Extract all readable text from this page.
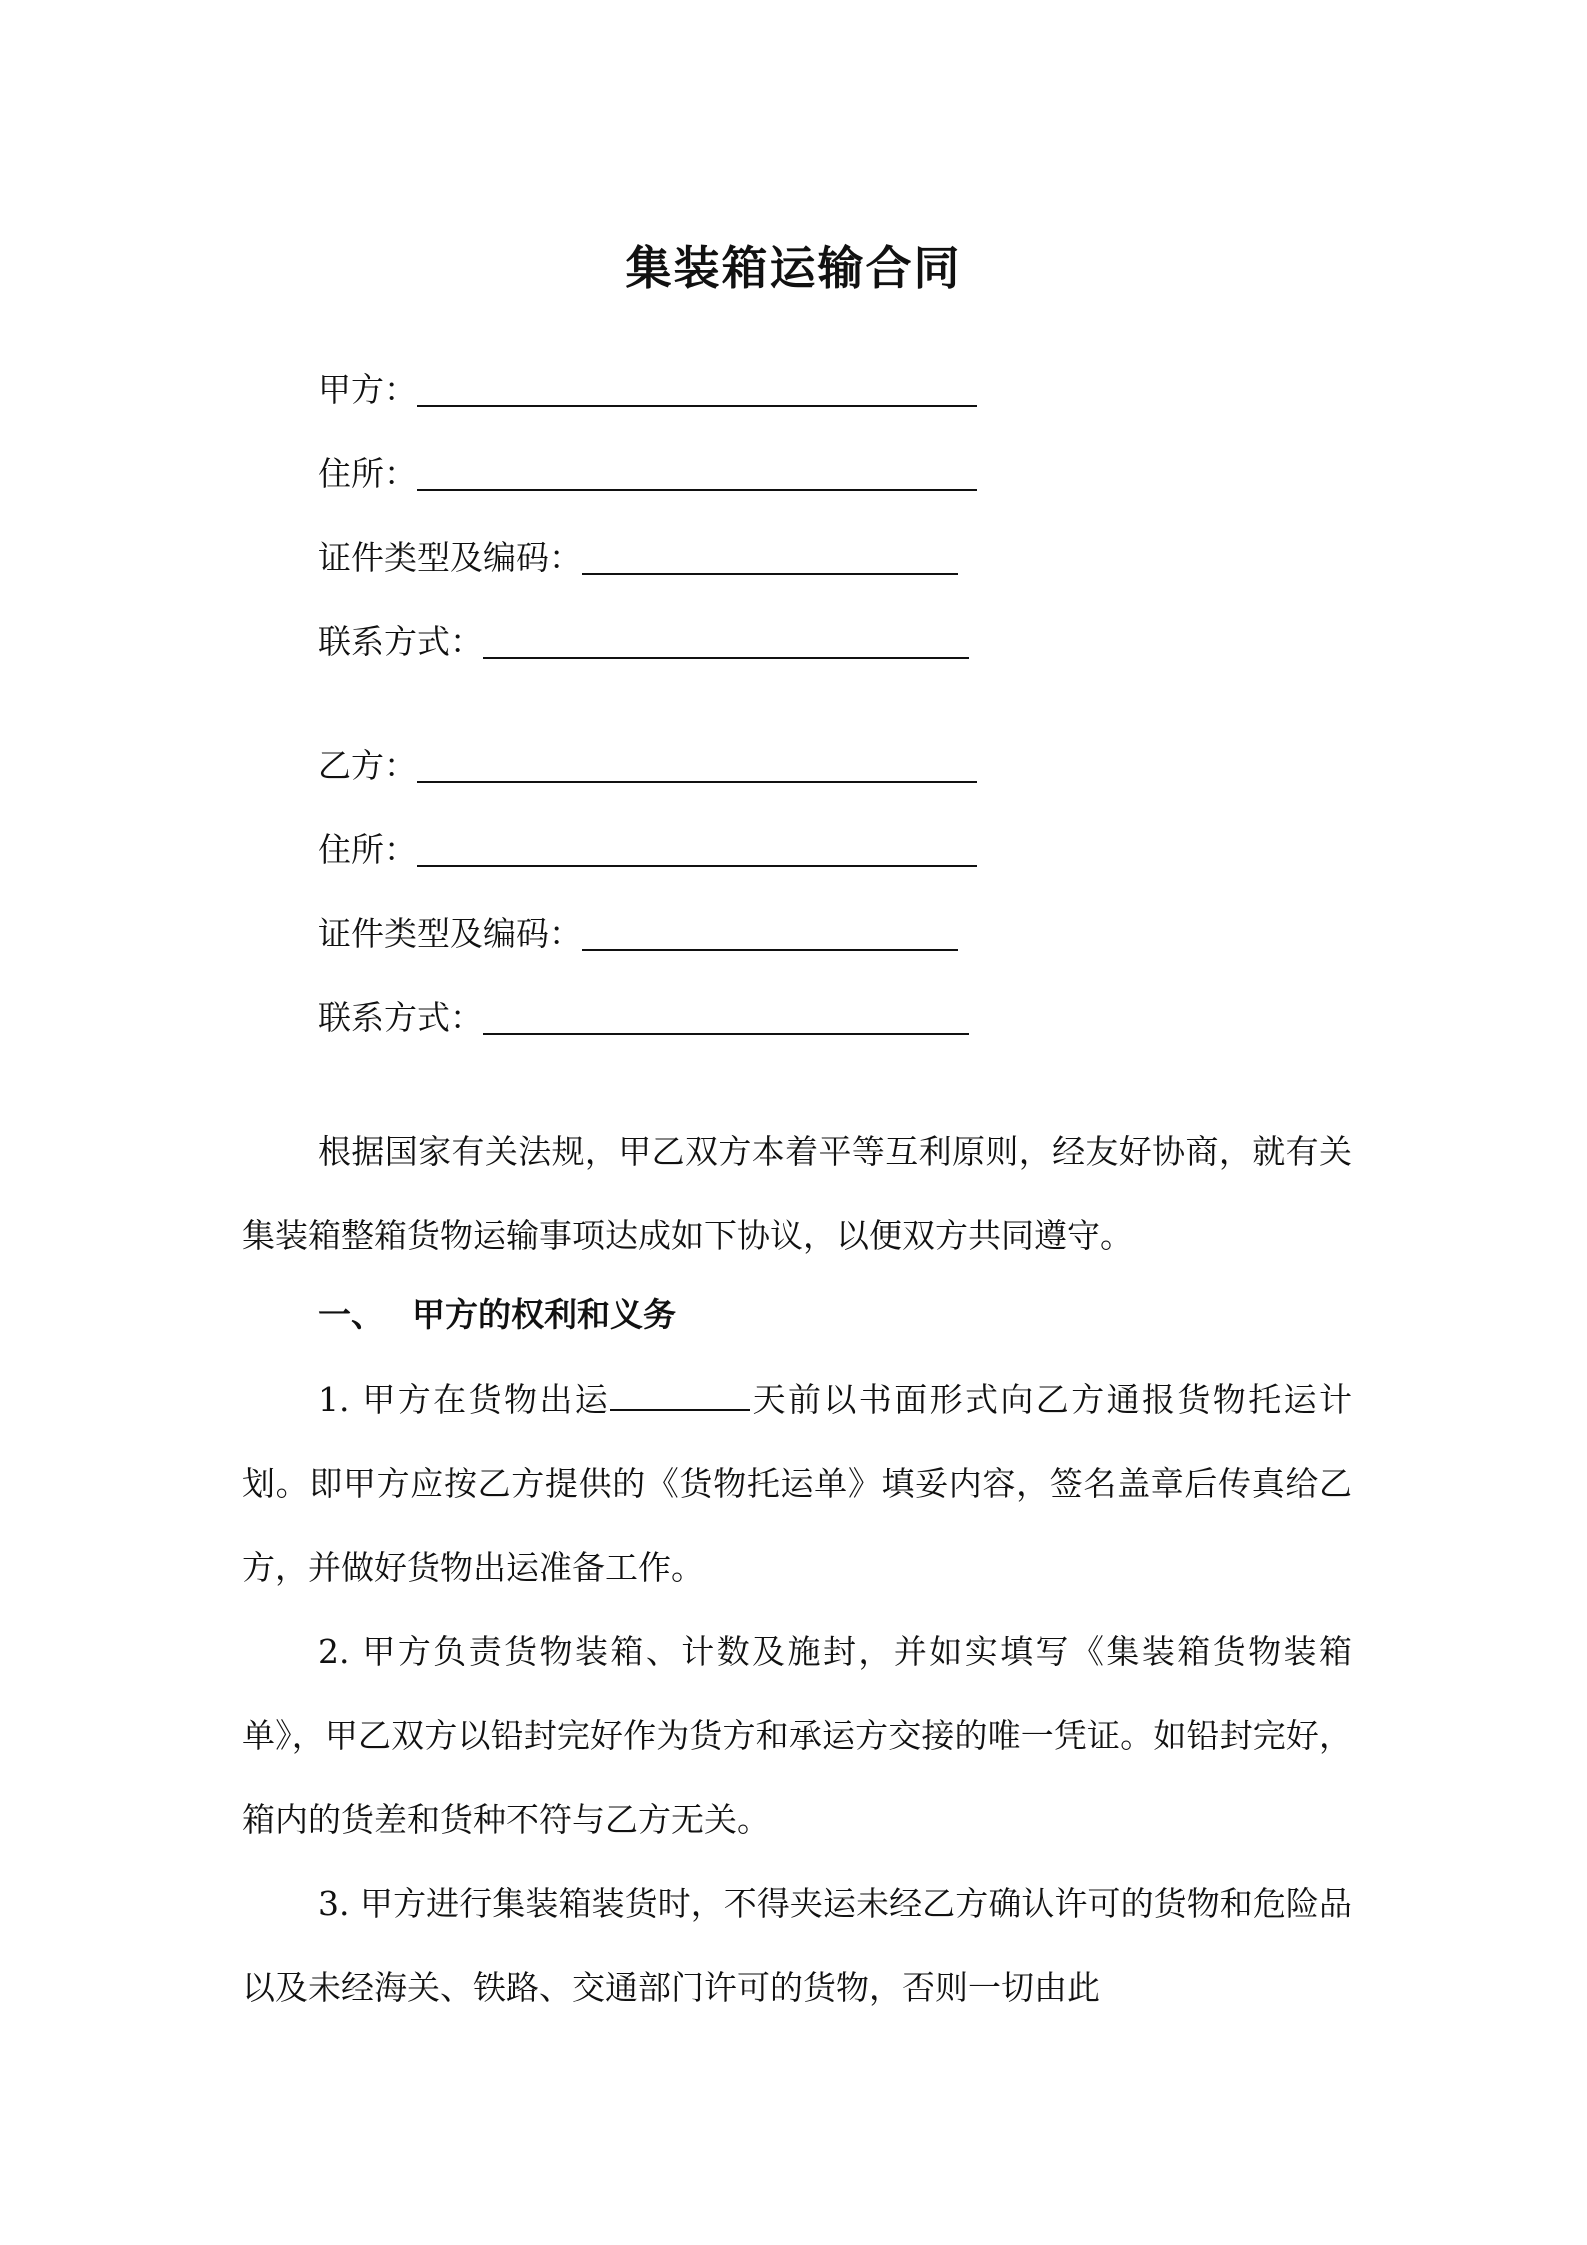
集装箱运输合同
甲方：
住所：
证件类型及编码：
联系方式：
乙方：
住所：
证件类型及编码：
联系方式：

根据国家有关法规，甲乙双方本着平等互利原则，经友好协商，就有关集装箱整箱货物运输事项达成如下协议，以便双方共同遵守。

一、 甲方的权利和义务

1. 甲方在货物出运	天前以书面形式向乙方通报货物托运计划。即甲方应按乙方提供的《货物托运单》填妥内容，签名盖章后传真给乙方，并做好货物出运准备工作。

2. 甲方负责货物装箱、计数及施封，并如实填写《集装箱货物装箱单》，甲乙双方以铅封完好作为货方和承运方交接的唯一凭证。如铅封完好，箱内的货差和货种不符与乙方无关。

3. 甲方进行集装箱装货时，不得夹运未经乙方确认许可的货物和危险品以及未经海关、铁路、交通部门许可的货物，否则一切由此
